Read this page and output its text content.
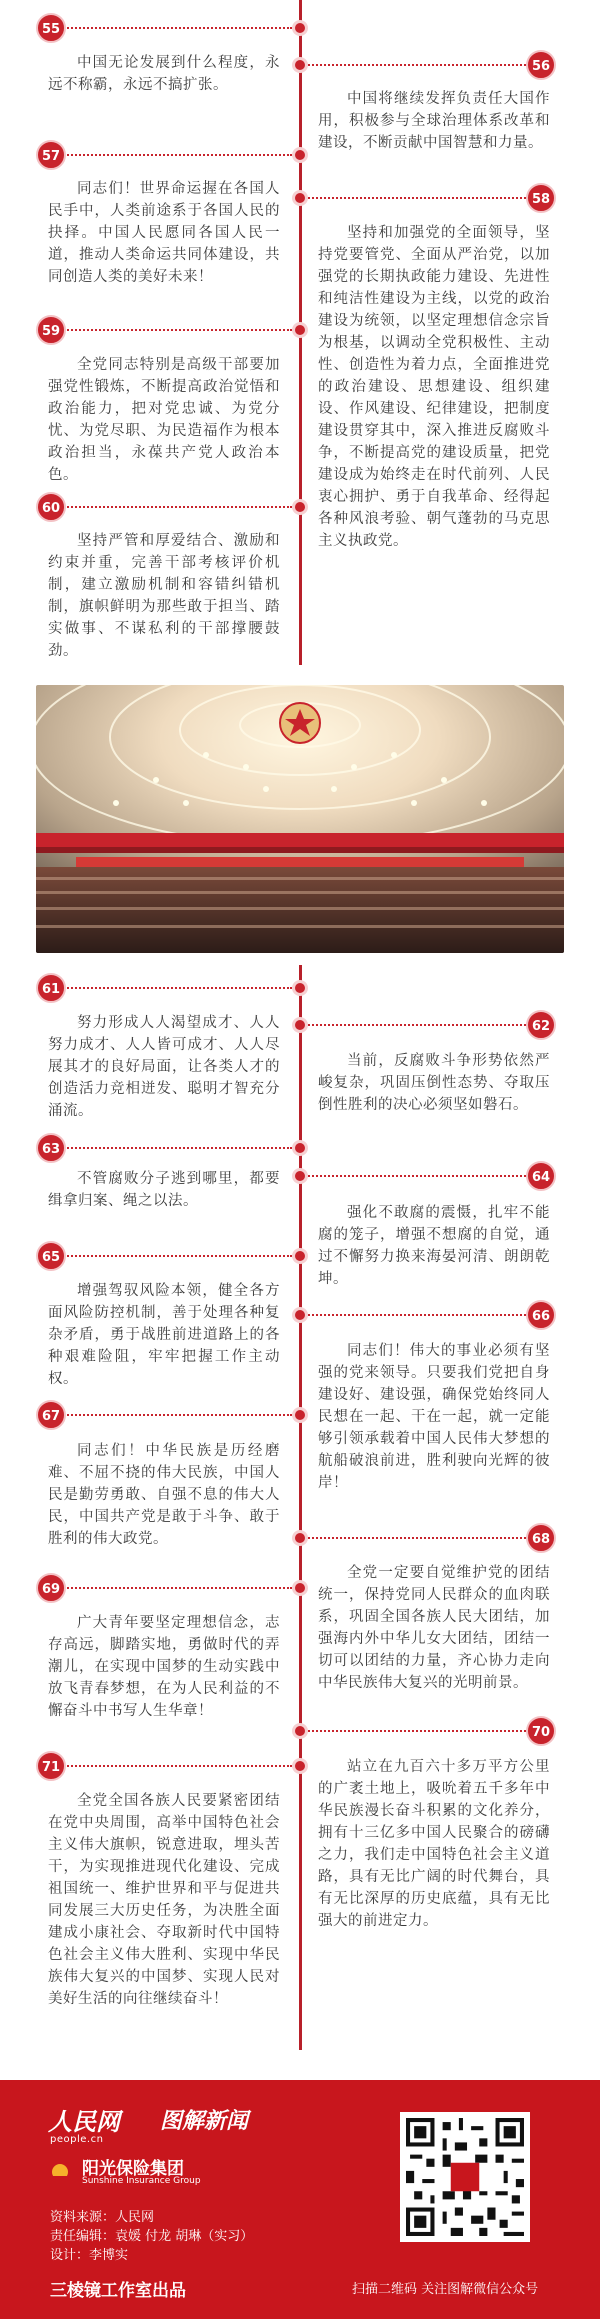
55
中国无论发展到什么程度，永远不称霸，永远不搞扩张。
56
中国将继续发挥负责任大国作用，积极参与全球治理体系改革和建设，不断贡献中国智慧和力量。
57
同志们！世界命运握在各国人民手中，人类前途系于各国人民的抉择。中国人民愿同各国人民一道，推动人类命运共同体建设，共同创造人类的美好未来！
58
坚持和加强党的全面领导，坚持党要管党、全面从严治党，以加强党的长期执政能力建设、先进性和纯洁性建设为主线，以党的政治建设为统领，以坚定理想信念宗旨为根基，以调动全党积极性、主动性、创造性为着力点，全面推进党的政治建设、思想建设、组织建设、作风建设、纪律建设，把制度建设贯穿其中，深入推进反腐败斗争，不断提高党的建设质量，把党建设成为始终走在时代前列、人民衷心拥护、勇于自我革命、经得起各种风浪考验、朝气蓬勃的马克思主义执政党。
59
全党同志特别是高级干部要加强党性锻炼，不断提高政治觉悟和政治能力，把对党忠诚、为党分忧、为党尽职、为民造福作为根本政治担当，永葆共产党人政治本色。
60
坚持严管和厚爱结合、激励和约束并重，完善干部考核评价机制，建立激励机制和容错纠错机制，旗帜鲜明为那些敢于担当、踏实做事、不谋私利的干部撑腰鼓劲。
61
努力形成人人渴望成才、人人努力成才、人人皆可成才、人人尽展其才的良好局面，让各类人才的创造活力竞相迸发、聪明才智充分涌流。
62
当前，反腐败斗争形势依然严峻复杂，巩固压倒性态势、夺取压倒性胜利的决心必须坚如磐石。
63
不管腐败分子逃到哪里，都要缉拿归案、绳之以法。
64
强化不敢腐的震慑，扎牢不能腐的笼子，增强不想腐的自觉，通过不懈努力换来海晏河清、朗朗乾坤。
65
增强驾驭风险本领，健全各方面风险防控机制，善于处理各种复杂矛盾，勇于战胜前进道路上的各种艰难险阻，牢牢把握工作主动权。
66
同志们！伟大的事业必须有坚强的党来领导。只要我们党把自身建设好、建设强，确保党始终同人民想在一起、干在一起，就一定能够引领承载着中国人民伟大梦想的航船破浪前进，胜利驶向光辉的彼岸！
67
同志们！中华民族是历经磨难、不屈不挠的伟大民族，中国人民是勤劳勇敢、自强不息的伟大人民，中国共产党是敢于斗争、敢于胜利的伟大政党。	68
全党一定要自觉维护党的团结统一，保持党同人民群众的血肉联系，巩固全国各族人民大团结，加强海内外中华儿女大团结，团结一切可以团结的力量，齐心协力走向中华民族伟大复兴的光明前景。
69
广大青年要坚定理想信念，志存高远，脚踏实地，勇做时代的弄潮儿，在实现中国梦的生动实践中放飞青春梦想，在为人民利益的不懈奋斗中书写人生华章！
70
站立在九百六十多万平方公里的广袤土地上，吸吮着五千多年中华民族漫长奋斗积累的文化养分，拥有十三亿多中国人民聚合的磅礴之力，我们走中国特色社会主义道路，具有无比广阔的时代舞台，具有无比深厚的历史底蕴，具有无比强大的前进定力。
71
全党全国各族人民要紧密团结在党中央周围，高举中国特色社会主义伟大旗帜，锐意进取，埋头苦干，为实现推进现代化建设、完成祖国统一、维护世界和平与促进共同发展三大历史任务，为决胜全面建成小康社会、夺取新时代中国特色社会主义伟大胜利、实现中华民族伟大复兴的中国梦、实现人民对美好生活的向往继续奋斗！
人民网
people.cn
图解新闻
阳光保险集团
Sunshine Insurance Group
资料来源：人民网
责任编辑：袁媛 付龙 胡琳（实习）
设计：李博实
三棱镜工作室出品	扫描二维码 关注图解微信公众号
